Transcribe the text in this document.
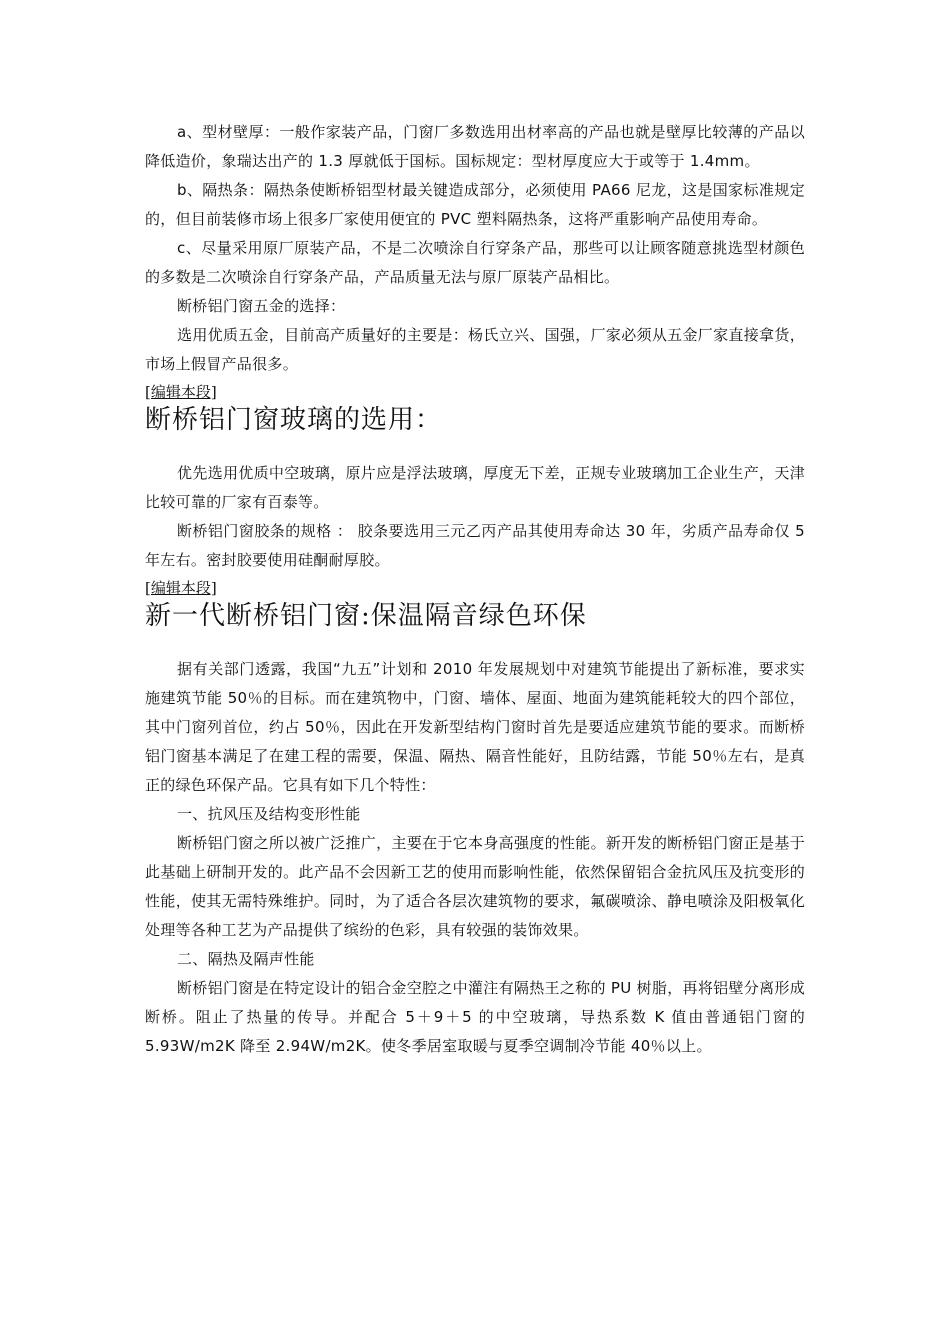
a、型材壁厚：一般作家装产品，门窗厂多数选用出材率高的产品也就是壁厚比较薄的产品以降低造价，象瑞达出产的 1.3 厚就低于国标。国标规定：型材厚度应大于或等于 1.4mm。

b、隔热条：隔热条使断桥铝型材最关键造成部分，必须使用 PA66 尼龙，这是国家标准规定的，但目前装修市场上很多厂家使用便宜的 PVC 塑料隔热条，这将严重影响产品使用寿命。

c、尽量采用原厂原装产品，不是二次喷涂自行穿条产品，那些可以让顾客随意挑选型材颜色的多数是二次喷涂自行穿条产品，产品质量无法与原厂原装产品相比。

断桥铝门窗五金的选择：

选用优质五金，目前高产质量好的主要是：杨氏立兴、国强，厂家必须从五金厂家直接拿货，市场上假冒产品很多。

[编辑本段]
断桥铝门窗玻璃的选用：

优先选用优质中空玻璃，原片应是浮法玻璃，厚度无下差，正规专业玻璃加工企业生产，天津比较可靠的厂家有百泰等。

断桥铝门窗胶条的规格 ： 胶条要选用三元乙丙产品其使用寿命达 30 年，劣质产品寿命仅 5 年左右。密封胶要使用硅酮耐厚胶。

[编辑本段]
新一代断桥铝门窗:保温隔音绿色环保

据有关部门透露，我国“九五”计划和 2010 年发展规划中对建筑节能提出了新标准，要求实施建筑节能 50％的目标。而在建筑物中，门窗、墙体、屋面、地面为建筑能耗较大的四个部位，其中门窗列首位，约占 50％，因此在开发新型结构门窗时首先是要适应建筑节能的要求。而断桥铝门窗基本满足了在建工程的需要，保温、隔热、隔音性能好，且防结露，节能 50％左右，是真正的绿色环保产品。它具有如下几个特性：

一、抗风压及结构变形性能

断桥铝门窗之所以被广泛推广，主要在于它本身高强度的性能。新开发的断桥铝门窗正是基于此基础上研制开发的。此产品不会因新工艺的使用而影响性能，依然保留铝合金抗风压及抗变形的性能，使其无需特殊维护。同时，为了适合各层次建筑物的要求，氟碳喷涂、静电喷涂及阳极氧化处理等各种工艺为产品提供了缤纷的色彩，具有较强的装饰效果。

二、隔热及隔声性能

断桥铝门窗是在特定设计的铝合金空腔之中灌注有隔热王之称的 PU 树脂，再将铝壁分离形成断桥。阻止了热量的传导。并配合 5＋9＋5 的中空玻璃，导热系数 K 值由普通铝门窗的 5.93W/m2K 降至 2.94W/m2K。使冬季居室取暖与夏季空调制冷节能 40％以上。
